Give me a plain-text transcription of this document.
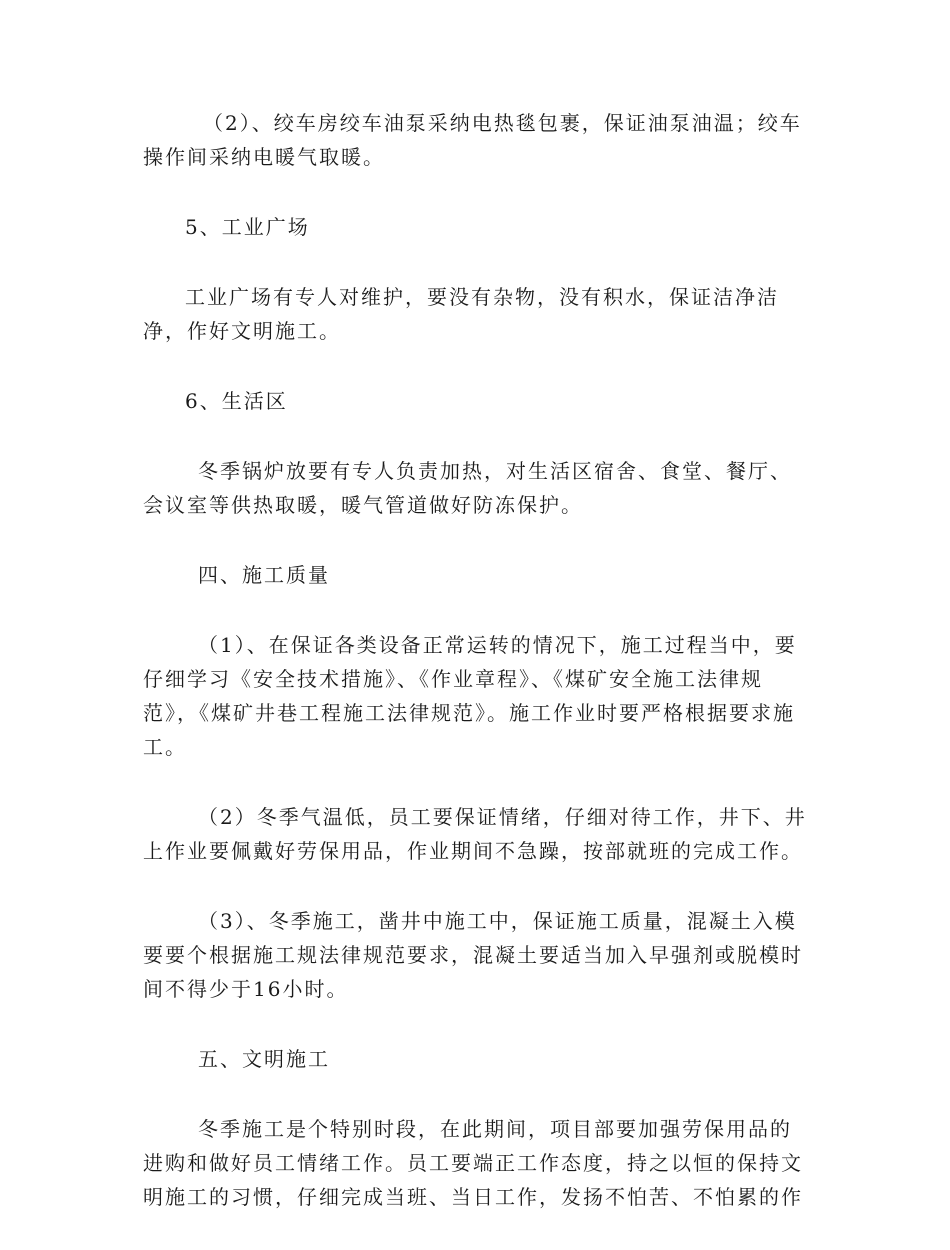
（2）、绞车房绞车油泵采纳电热毯包裹，保证油泵油温；绞车操作间采纳电暖气取暖。

5、工业广场

工业广场有专人对维护，要没有杂物，没有积水，保证洁净洁净，作好文明施工。

6、生活区

冬季锅炉放要有专人负责加热，对生活区宿舍、食堂、餐厅、会议室等供热取暖，暖气管道做好防冻保护。

四、施工质量

（1）、在保证各类设备正常运转的情况下，施工过程当中，要仔细学习《安全技术措施》、《作业章程》、《煤矿安全施工法律规范》，《煤矿井巷工程施工法律规范》。施工作业时要严格根据要求施工。

（2）冬季气温低，员工要保证情绪，仔细对待工作，井下、井上作业要佩戴好劳保用品，作业期间不急躁，按部就班的完成工作。

（3）、冬季施工，凿井中施工中，保证施工质量，混凝土入模要要个根据施工规法律规范要求，混凝土要适当加入早强剂或脱模时间不得少于16小时。

五、文明施工

冬季施工是个特别时段，在此期间，项目部要加强劳保用品的进购和做好员工情绪工作。员工要端正工作态度，持之以恒的保持文明施工的习惯，仔细完成当班、当日工作，发扬不怕苦、不怕累的作
